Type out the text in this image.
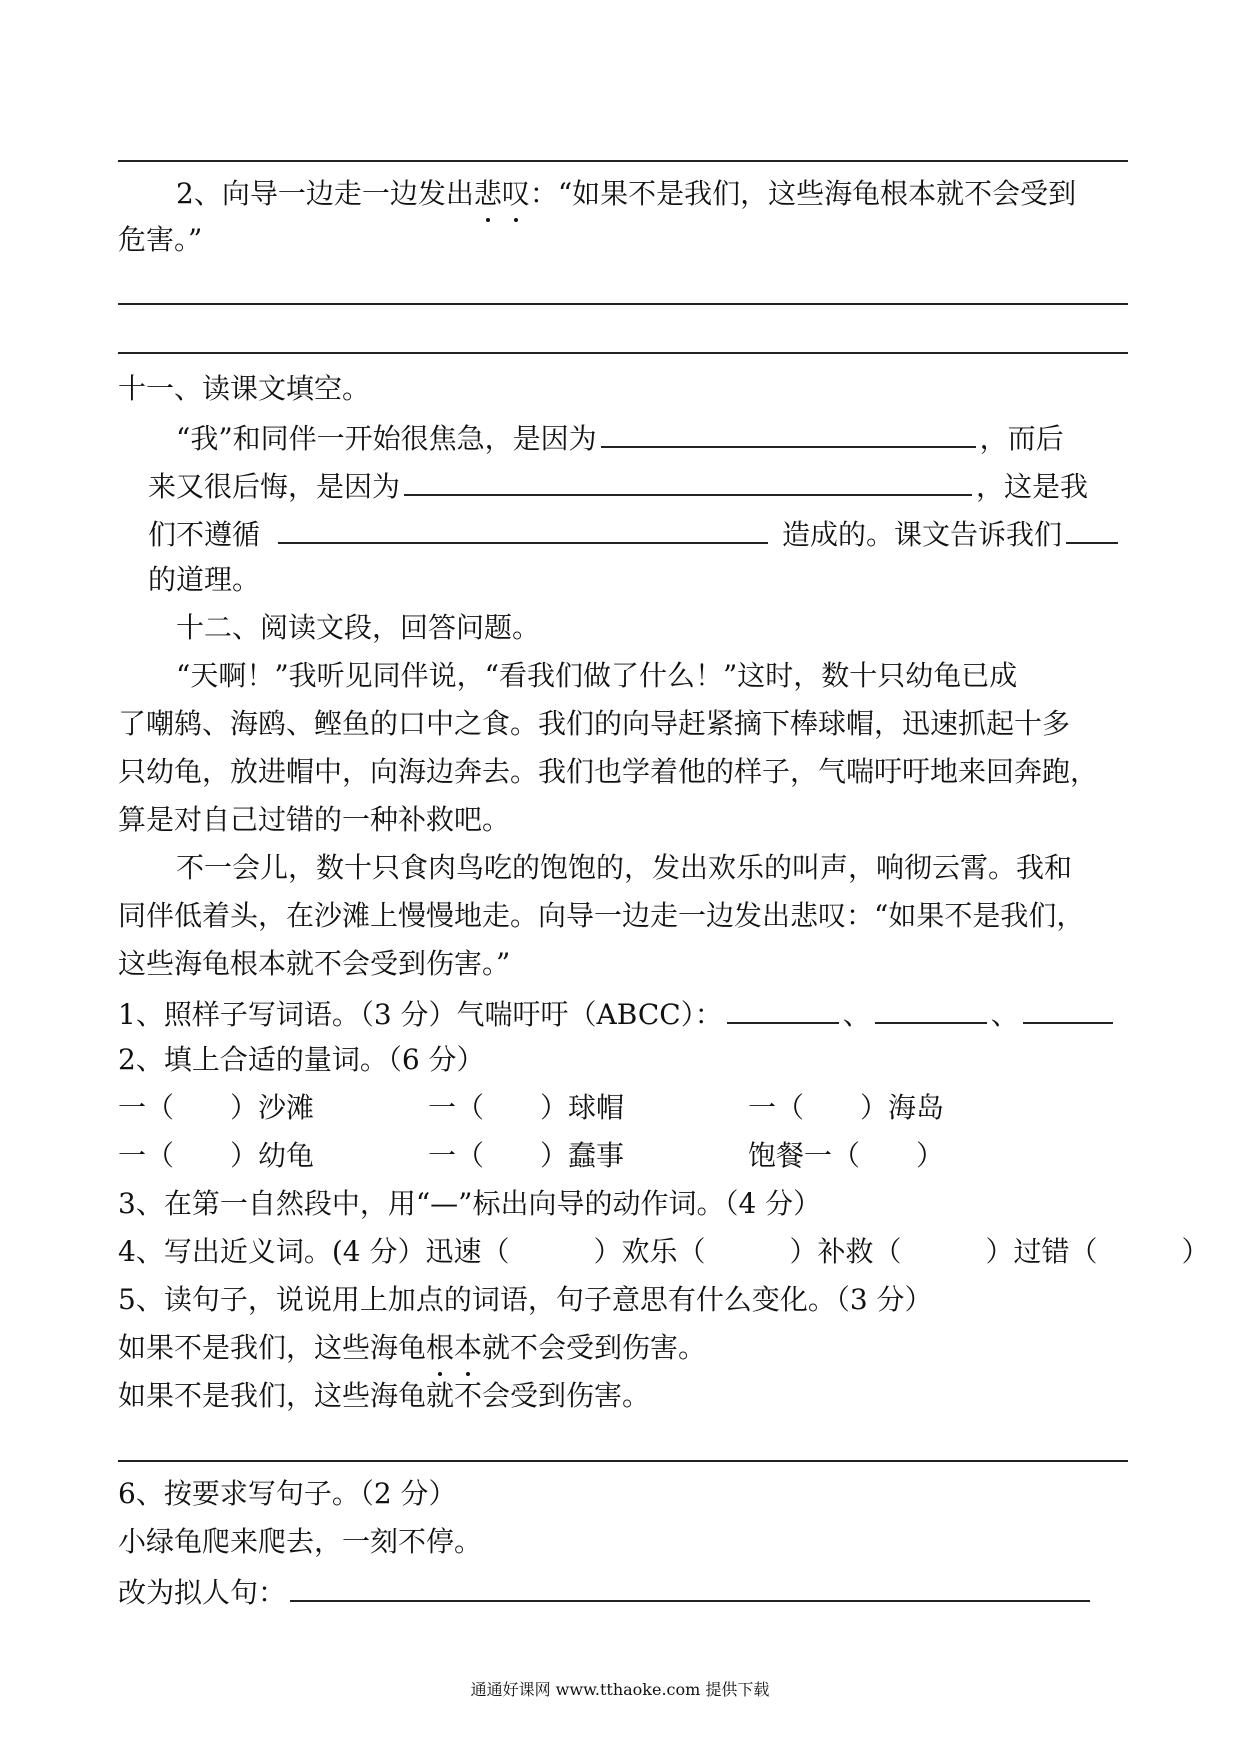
2、向导一边走一边发出悲叹：“如果不是我们，这些海龟根本就不会受到
危害。”
十一、读课文填空。
“我”和同伴一开始很焦急，是因为	，而后
来又很后悔，是因为	，这是我
们不遵循	造成的。课文告诉我们
的道理。
十二、阅读文段，回答问题。
“天啊！”我听见同伴说，“看我们做了什么！”这时，数十只幼龟已成
了嘲鸫、海鸥、鲣鱼的口中之食。我们的向导赶紧摘下棒球帽，迅速抓起十多
只幼龟，放进帽中，向海边奔去。我们也学着他的样子，气喘吁吁地来回奔跑，
算是对自己过错的一种补救吧。
不一会儿，数十只食肉鸟吃的饱饱的，发出欢乐的叫声，响彻云霄。我和
同伴低着头，在沙滩上慢慢地走。向导一边走一边发出悲叹：“如果不是我们，
这些海龟根本就不会受到伤害。”
1、照样子写词语。（3 分）气喘吁吁（ABCC）：	、	、
2、填上合适的量词。（6 分）
一（　　）沙滩	一（　　）球帽	一（　　）海岛
一（　　）幼龟	一（　　）蠢事	饱餐一（　　）
3、在第一自然段中，用“—”标出向导的动作词。（4 分）
4、写出近义词。(4 分）迅速（　　　）欢乐（　　　）补救（　　　）过错（　　　）
5、读句子，说说用上加点的词语，句子意思有什么变化。（3 分）
如果不是我们，这些海龟根本就不会受到伤害。
如果不是我们，这些海龟就不会受到伤害。
6、按要求写句子。（2 分）
小绿龟爬来爬去，一刻不停。
改为拟人句：
通通好课网 www.tthaoke.com 提供下载
